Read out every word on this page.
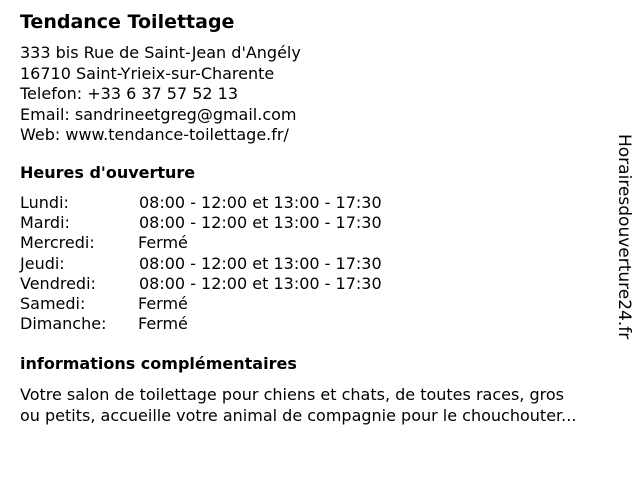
Tendance Toilettage
333 bis Rue de Saint-Jean d'Angély
16710 Saint-Yrieix-sur-Charente
Telefon: +33 6 37 57 52 13
Email: sandrineetgreg@gmail.com
Web: www.tendance-toilettage.fr/
Heures d'ouverture
Lundi:	08:00 - 12:00 et 13:00 - 17:30
Mardi:	08:00 - 12:00 et 13:00 - 17:30
Mercredi:	Fermé
Jeudi:	08:00 - 12:00 et 13:00 - 17:30
Vendredi:	08:00 - 12:00 et 13:00 - 17:30
Samedi:	Fermé
Dimanche: Fermé
informations complémentaires
Votre salon de toilettage pour chiens et chats, de toutes races, gros
ou petits, accueille votre animal de compagnie pour le chouchouter...
Horairesdouverture24.fr
